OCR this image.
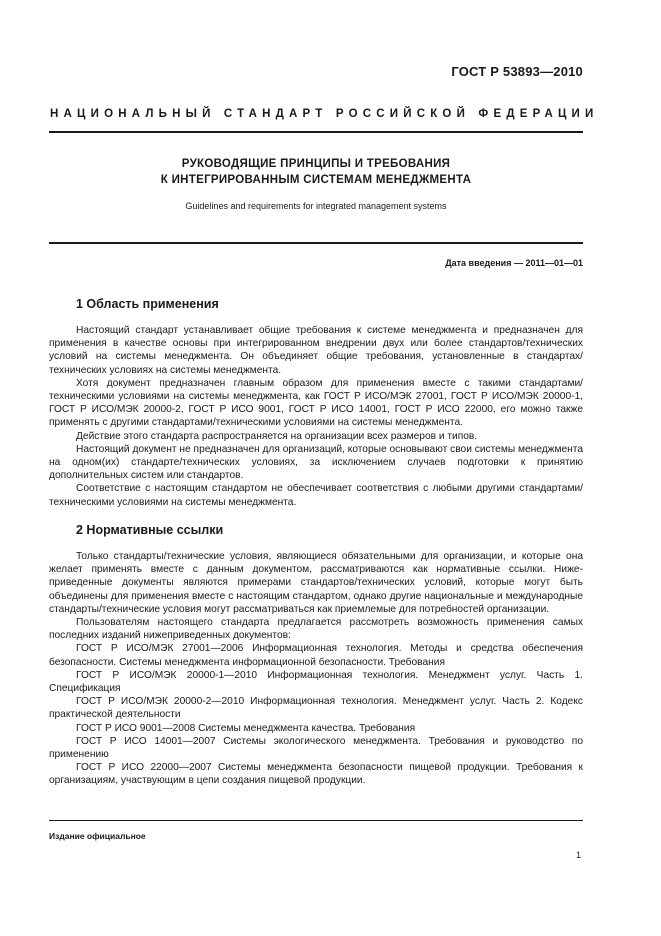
ГОСТ Р 53893—2010
НАЦИОНАЛЬНЫЙ СТАНДАРТ РОССИЙСКОЙ ФЕДЕРАЦИИ
РУКОВОДЯЩИЕ ПРИНЦИПЫ И ТРЕБОВАНИЯ
К ИНТЕГРИРОВАННЫМ СИСТЕМАМ МЕНЕДЖМЕНТА
Guidelines and requirements for integrated management systems
Дата введения — 2011—01—01
1 Область применения

Настоящий стандарт устанавливает общие требования к системе менеджмента и предназначен для применения в качестве основы при интегрированном внедрении двух или более стандартов/технических условий на системы менеджмента. Он объединяет общие требования, установленные в стандартах/технических условиях на системы менеджмента.

Хотя документ предназначен главным образом для применения вместе с такими стандартами/техническими условиями на системы менеджмента, как ГОСТ Р ИСО/МЭК 27001, ГОСТ Р ИСО/МЭК 20000-1, ГОСТ Р ИСО/МЭК 20000-2, ГОСТ Р ИСО 9001, ГОСТ Р ИСО 14001, ГОСТ Р ИСО 22000, его можно также применять с другими стандартами/техническими условиями на системы менеджмента.

Действие этого стандарта распространяется на организации всех размеров и типов.

Настоящий документ не предназначен для организаций, которые основывают свои системы менеджмента на одном(их) стандарте/технических условиях, за исключением случаев подготовки к принятию дополнительных систем или стандартов.

Соответствие с настоящим стандартом не обеспечивает соответствия с любыми другими стандартами/техническими условиями на системы менеджмента.

2 Нормативные ссылки

Только стандарты/технические условия, являющиеся обязательными для организации, и которые она желает применять вместе с данным документом, рассматриваются как нормативные ссылки. Нижеприведенные документы являются примерами стандартов/технических условий, которые могут быть объединены для применения вместе с настоящим стандартом, однако другие национальные и международные стандарты/технические условия могут рассматриваться как приемлемые для потребностей организации.

Пользователям настоящего стандарта предлагается рассмотреть возможность применения самых последних изданий нижеприведенных документов:

ГОСТ Р ИСО/МЭК 27001—2006 Информационная технология. Методы и средства обеспечения безопасности. Системы менеджмента информационной безопасности. Требования

ГОСТ Р ИСО/МЭК 20000-1—2010 Информационная технология. Менеджмент услуг. Часть 1. Спецификация

ГОСТ Р ИСО/МЭК 20000-2—2010 Информационная технология. Менеджмент услуг. Часть 2. Кодекс практической деятельности

ГОСТ Р ИСО 9001—2008 Системы менеджмента качества. Требования

ГОСТ Р ИСО 14001—2007 Системы экологического менеджмента. Требования и руководство по применению

ГОСТ Р ИСО 22000—2007 Системы менеджмента безопасности пищевой продукции. Требования к организациям, участвующим в цепи создания пищевой продукции.

Издание официальное
1
